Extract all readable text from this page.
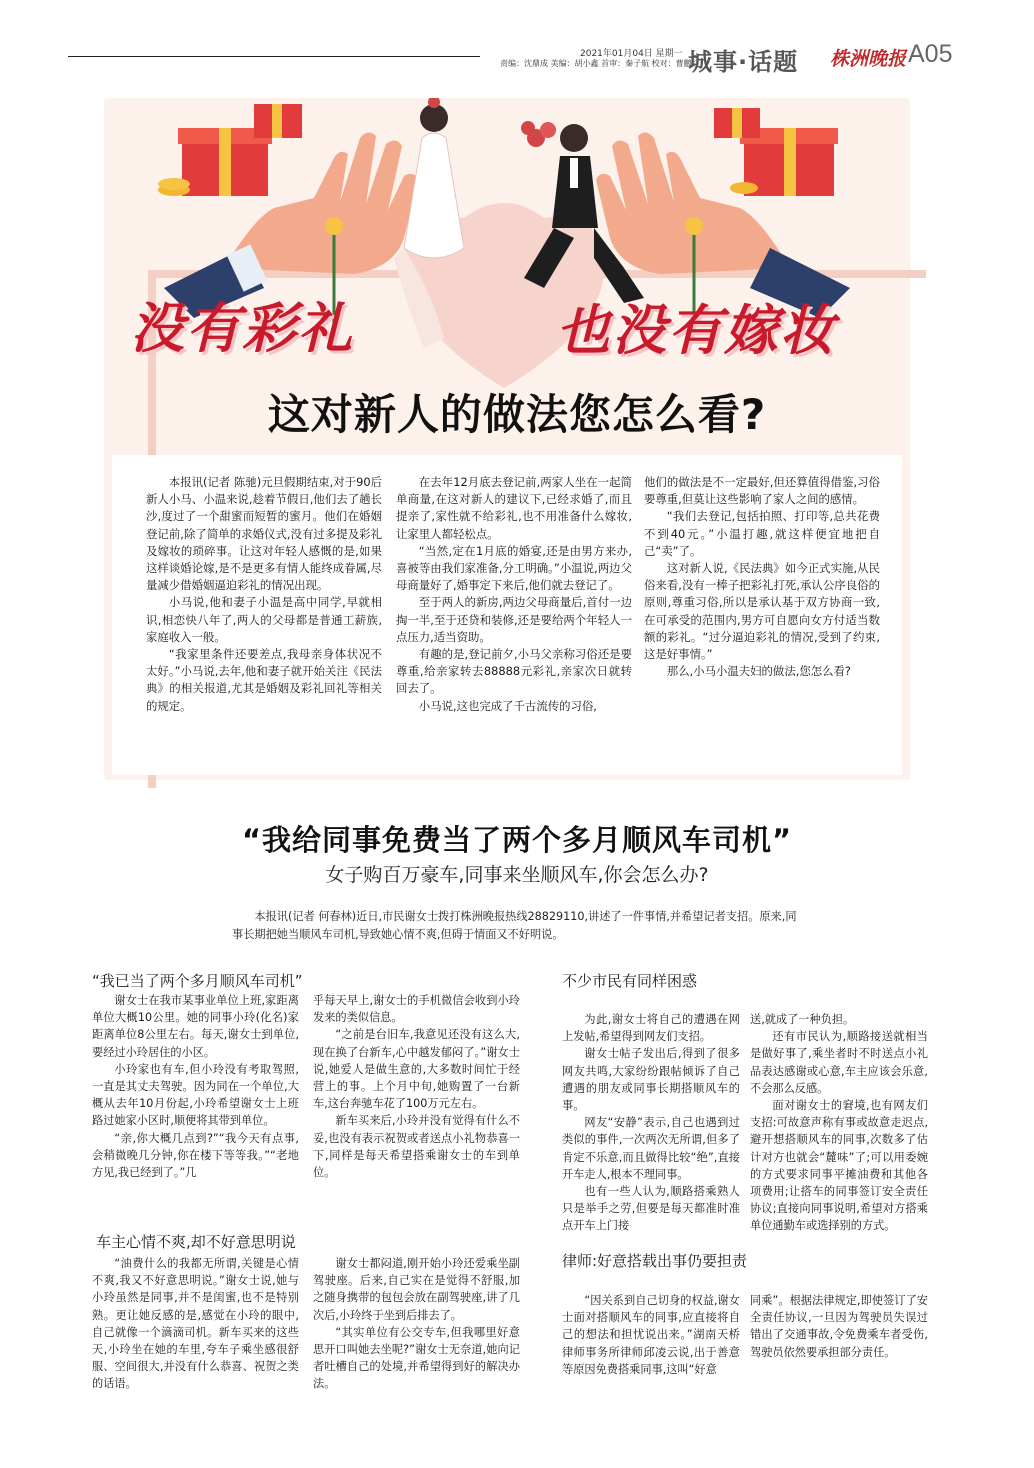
2021年01月04日 星期一
责编：沈鼎成 美编：胡小鑫 首审：秦子航 校对：曹鹏红
城事·话题 株洲晚报 A05
没有彩礼	也没有嫁妆
这对新人的做法您怎么看?

本报讯(记者 陈驰)元旦假期结束,对于90后新人小马、小温来说,趁着节假日,他们去了趟长沙,度过了一个甜蜜而短暂的蜜月。他们在婚姻登记前,除了简单的求婚仪式,没有过多提及彩礼及嫁妆的琐碎事。让这对年轻人感慨的是,如果这样谈婚论嫁,是不是更多有情人能终成眷属,尽量减少借婚姻逼迫彩礼的情况出现。

小马说,他和妻子小温是高中同学,早就相识,相恋快八年了,两人的父母都是普通工薪族,家庭收入一般。

“我家里条件还要差点,我母亲身体状况不太好。”小马说,去年,他和妻子就开始关注《民法典》的相关报道,尤其是婚姻及彩礼回礼等相关的规定。

在去年12月底去登记前,两家人坐在一起简单商量,在这对新人的建议下,已经求婚了,而且提亲了,家性就不给彩礼,也不用准备什么嫁妆,让家里人都轻松点。

“当然,定在1月底的婚宴,还是由男方来办,喜被等由我们家准备,分工明确。”小温说,两边父母商量好了,婚事定下来后,他们就去登记了。

至于两人的新房,两边父母商量后,首付一边掏一半,至于还贷和装修,还是要给两个年轻人一点压力,适当资助。

有趣的是,登记前夕,小马父亲称习俗还是要尊重,给亲家转去88888元彩礼,亲家次日就转回去了。

小马说,这也完成了千古流传的习俗,

他们的做法是不一定最好,但还算值得借鉴,习俗要尊重,但莫让这些影响了家人之间的感情。

“我们去登记,包括拍照、打印等,总共花费不到40元。”小温打趣,就这样便宜地把自己“卖”了。

这对新人说,《民法典》如今正式实施,从民俗来看,没有一棒子把彩礼打死,承认公序良俗的原则,尊重习俗,所以是承认基于双方协商一致,在可承受的范围内,男方可自愿向女方付适当数额的彩礼。“过分逼迫彩礼的情况,受到了约束,这是好事情。”

那么,小马小温夫妇的做法,您怎么看?

“我给同事免费当了两个多月顺风车司机”
女子购百万豪车,同事来坐顺风车,你会怎么办?

本报讯(记者 何春林)近日,市民谢女士拨打株洲晚报热线28829110,讲述了一件事情,并希望记者支招。原来,同事长期把她当顺风车司机,导致她心情不爽,但碍于情面又不好明说。

“我已当了两个多月顺风车司机”

谢女士在我市某事业单位上班,家距离单位大概10公里。她的同事小玲(化名)家距离单位8公里左右。每天,谢女士到单位,要经过小玲居住的小区。

小玲家也有车,但小玲没有考取驾照,一直是其丈夫驾驶。因为同在一个单位,大概从去年10月份起,小玲希望谢女士上班路过她家小区时,顺便将其带到单位。

“亲,你大概几点到?”“我今天有点事,会稍微晚几分钟,你在楼下等等我。”“老地方见,我已经到了。”几

乎每天早上,谢女士的手机微信会收到小玲发来的类似信息。

“之前是台旧车,我意见还没有这么大,现在换了台新车,心中越发郁闷了。”谢女士说,她爱人是做生意的,大多数时间忙于经营上的事。上个月中旬,她购置了一台新车,这台奔驰车花了100万元左右。

新车买来后,小玲并没有觉得有什么不妥,也没有表示祝贺或者送点小礼物恭喜一下,同样是每天希望搭乘谢女士的车到单位。

车主心情不爽,却不好意思明说

“油费什么的我都无所谓,关键是心情不爽,我又不好意思明说。”谢女士说,她与小玲虽然是同事,并不是闺蜜,也不是特别熟。更让她反感的是,感觉在小玲的眼中,自己就像一个滴滴司机。新车买来的这些天,小玲坐在她的车里,夸车子乘坐感很舒服、空间很大,并没有什么恭喜、祝贺之类的话语。

谢女士都闷道,刚开始小玲还爱乘坐副驾驶座。后来,自己实在是觉得不舒服,加之随身携带的包包会放在副驾驶座,讲了几次后,小玲终于坐到后排去了。

“其实单位有公交专车,但我哪里好意思开口叫她去坐呢?”谢女士无奈道,她向记者吐槽自己的处境,并希望得到好的解决办法。

不少市民有同样困惑

为此,谢女士将自己的遭遇在网上发帖,希望得到网友们支招。

谢女士帖子发出后,得到了很多网友共鸣,大家纷纷跟帖倾诉了自己遭遇的朋友或同事长期搭顺风车的事。

网友“安静”表示,自己也遇到过类似的事件,一次两次无所谓,但多了肯定不乐意,而且做得比较“绝”,直接开车走人,根本不理同事。

也有一些人认为,顺路搭乘熟人只是举手之劳,但要是每天都准时准点开车上门接

送,就成了一种负担。

还有市民认为,顺路接送就相当是做好事了,乘坐者时不时送点小礼品表达感谢或心意,车主应该会乐意,不会那么反感。

面对谢女士的窘境,也有网友们支招:可故意声称有事或故意走迟点,避开想搭顺风车的同事,次数多了估计对方也就会“麓味”了;可以用委婉的方式要求同事平摊油费和其他各项费用;让搭车的同事签订安全责任协议;直接向同事说明,希望对方搭乘单位通勤车或选择别的方式。

律师:好意搭载出事仍要担责

“因关系到自己切身的权益,谢女士面对搭顺风车的同事,应直接将自己的想法和担忧说出来。”湖南天桥律师事务所律师邱凌云说,出于善意等原因免费搭乘同事,这叫“好意

同乘”。根据法律规定,即使签订了安全责任协议,一旦因为驾驶员失误过错出了交通事故,令免费乘车者受伤,驾驶员依然要承担部分责任。
